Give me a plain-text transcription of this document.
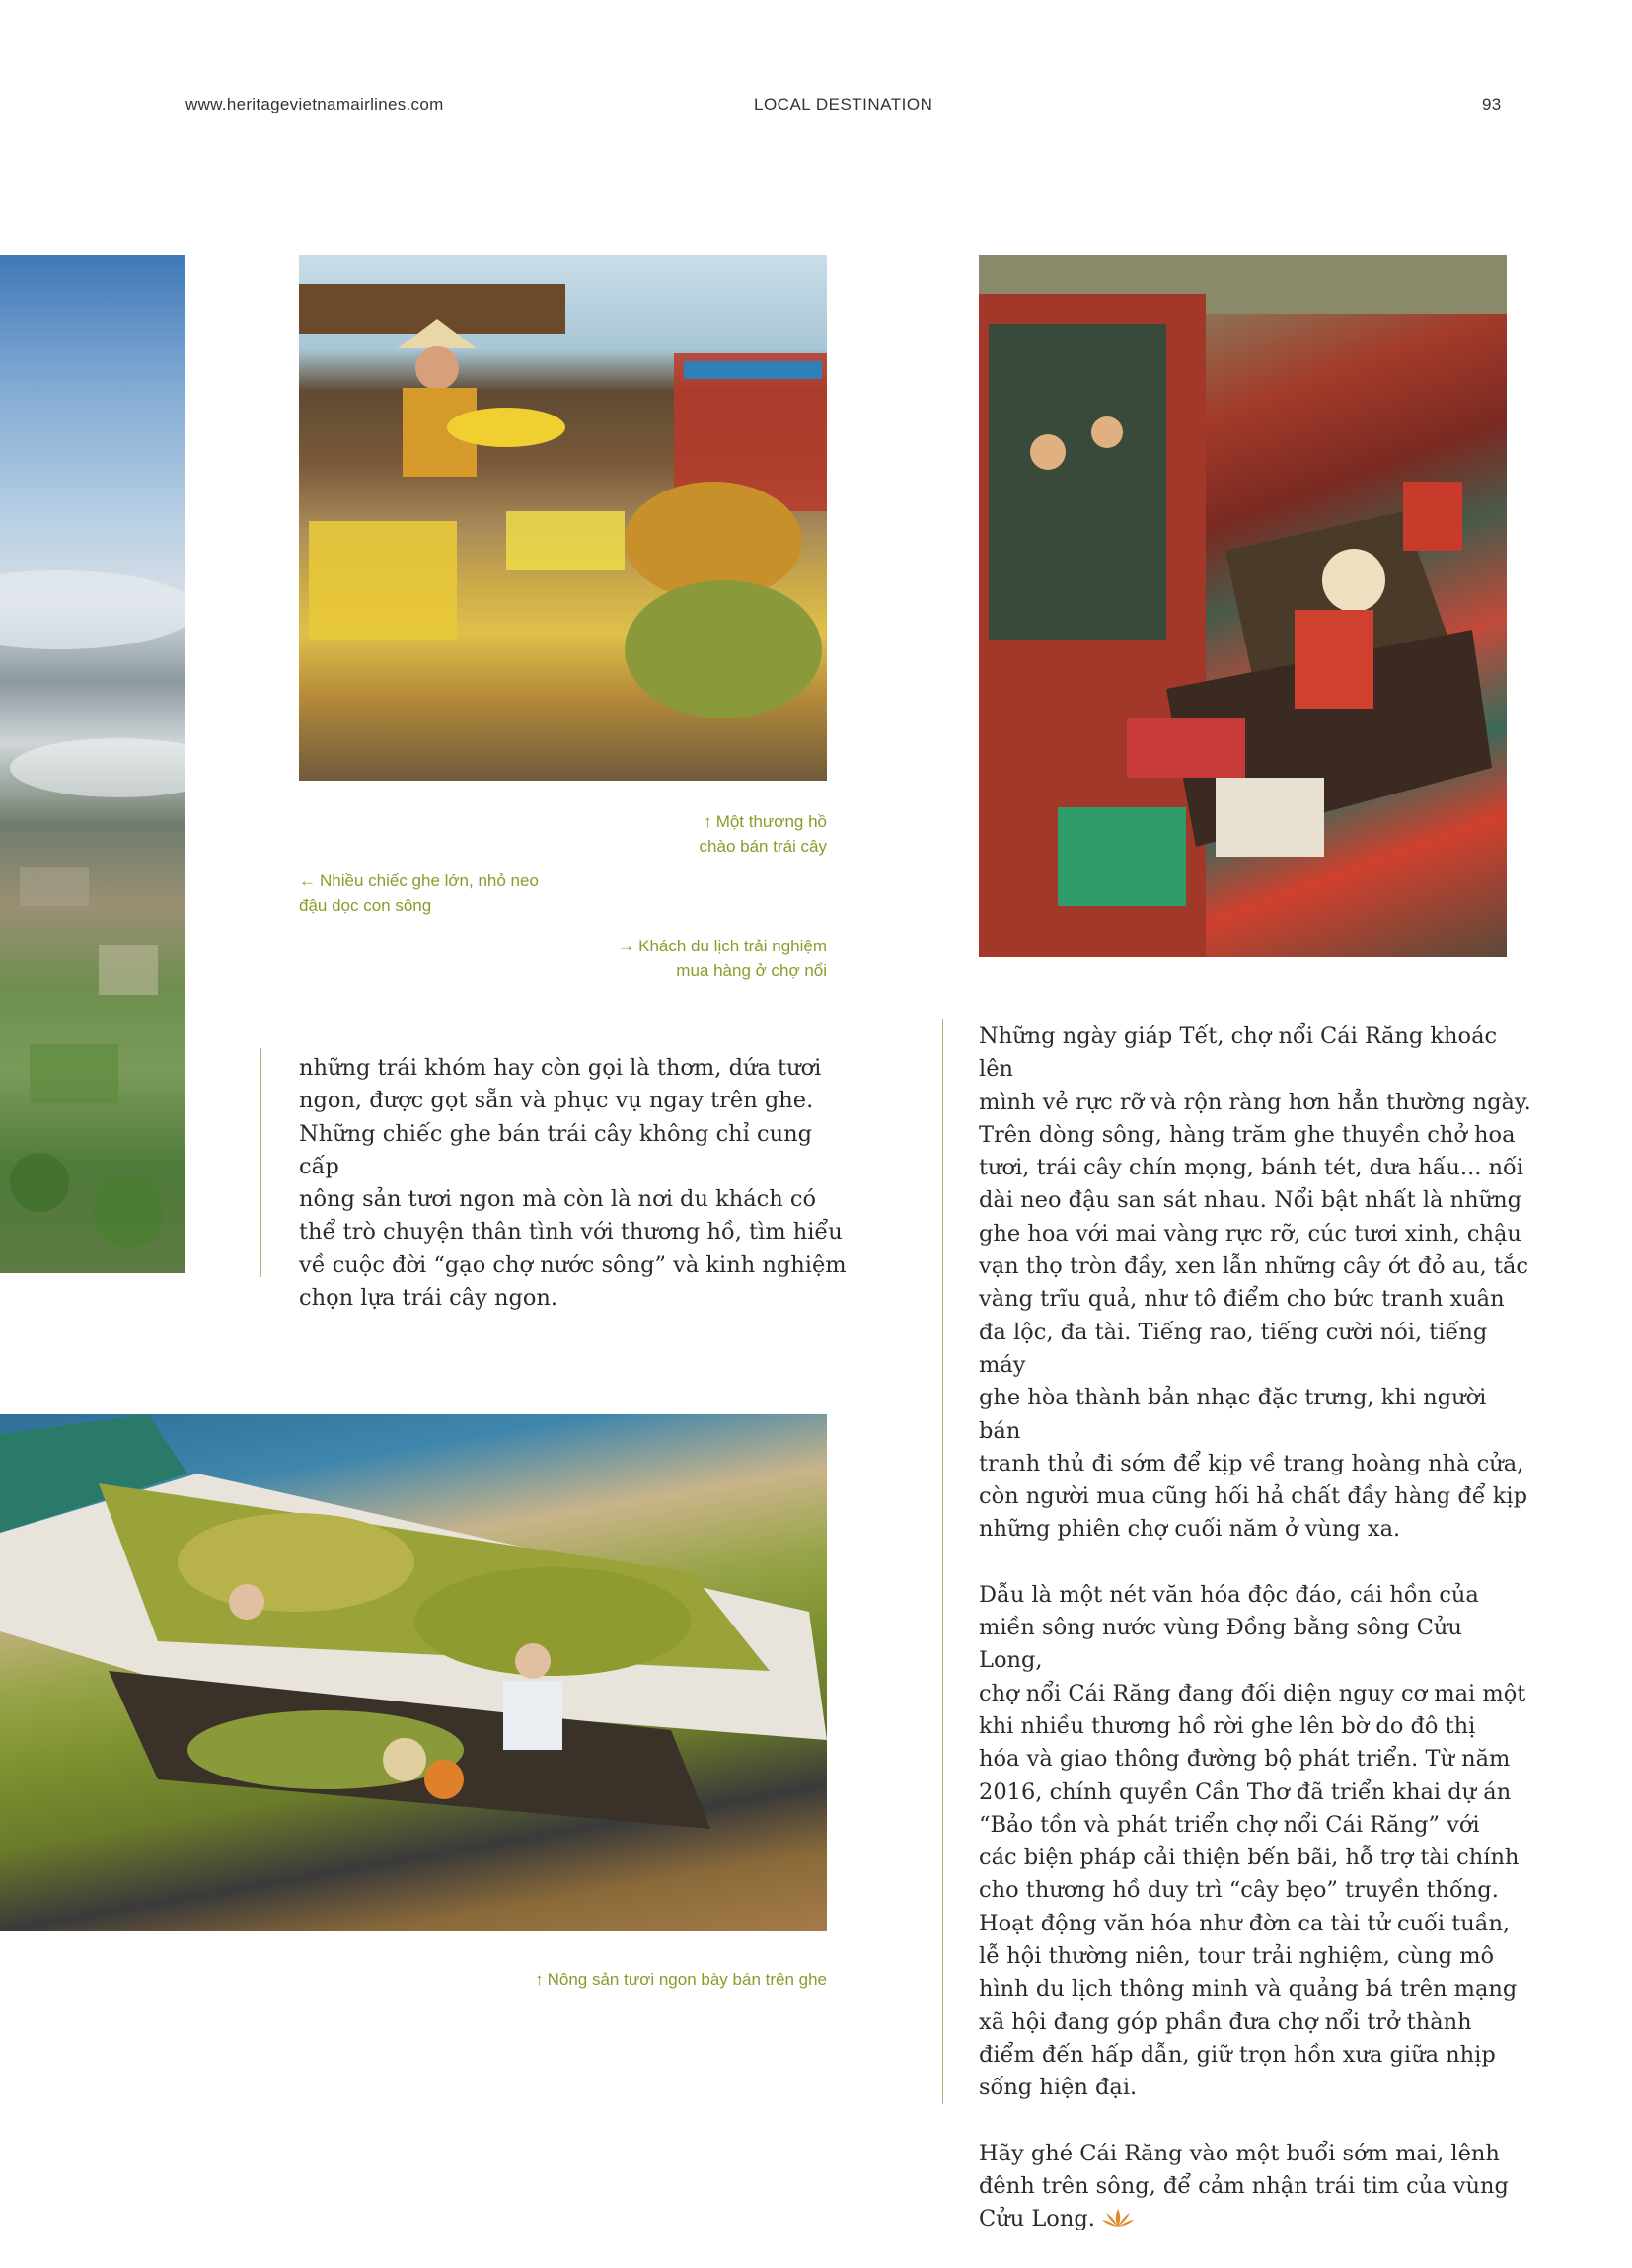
www.heritagevietnamairlines.com	LOCAL DESTINATION	93
↑ Một thương hồ
chào bán trái cây
← Nhiều chiếc ghe lớn, nhỏ neo
đậu dọc con sông
→ Khách du lịch trải nghiệm
mua hàng ở chợ nổi
những trái khóm hay còn gọi là thơm, dứa tươi
ngon, được gọt sẵn và phục vụ ngay trên ghe.
Những chiếc ghe bán trái cây không chỉ cung cấp
nông sản tươi ngon mà còn là nơi du khách có
thể trò chuyện thân tình với thương hồ, tìm hiểu
về cuộc đời “gạo chợ nước sông” và kinh nghiệm
chọn lựa trái cây ngon.
↑ Nông sản tươi ngon bày bán trên ghe

Những ngày giáp Tết, chợ nổi Cái Răng khoác lên
mình vẻ rực rỡ và rộn ràng hơn hẳn thường ngày.
Trên dòng sông, hàng trăm ghe thuyền chở hoa
tươi, trái cây chín mọng, bánh tét, dưa hấu... nối
dài neo đậu san sát nhau. Nổi bật nhất là những
ghe hoa với mai vàng rực rỡ, cúc tươi xinh, chậu
vạn thọ tròn đầy, xen lẫn những cây ớt đỏ au, tắc
vàng trĩu quả, như tô điểm cho bức tranh xuân
đa lộc, đa tài. Tiếng rao, tiếng cười nói, tiếng máy
ghe hòa thành bản nhạc đặc trưng, khi người bán
tranh thủ đi sớm để kịp về trang hoàng nhà cửa,
còn người mua cũng hối hả chất đầy hàng để kịp
những phiên chợ cuối năm ở vùng xa.

Dẫu là một nét văn hóa độc đáo, cái hồn của
miền sông nước vùng Đồng bằng sông Cửu Long,
chợ nổi Cái Răng đang đối diện nguy cơ mai một
khi nhiều thương hồ rời ghe lên bờ do đô thị
hóa và giao thông đường bộ phát triển. Từ năm
2016, chính quyền Cần Thơ đã triển khai dự án
“Bảo tồn và phát triển chợ nổi Cái Răng” với
các biện pháp cải thiện bến bãi, hỗ trợ tài chính
cho thương hồ duy trì “cây bẹo” truyền thống.
Hoạt động văn hóa như đờn ca tài tử cuối tuần,
lễ hội thường niên, tour trải nghiệm, cùng mô
hình du lịch thông minh và quảng bá trên mạng
xã hội đang góp phần đưa chợ nổi trở thành
điểm đến hấp dẫn, giữ trọn hồn xưa giữa nhịp
sống hiện đại.

Hãy ghé Cái Răng vào một buổi sớm mai, lênh
đênh trên sông, để cảm nhận trái tim của vùng
Cửu Long.
